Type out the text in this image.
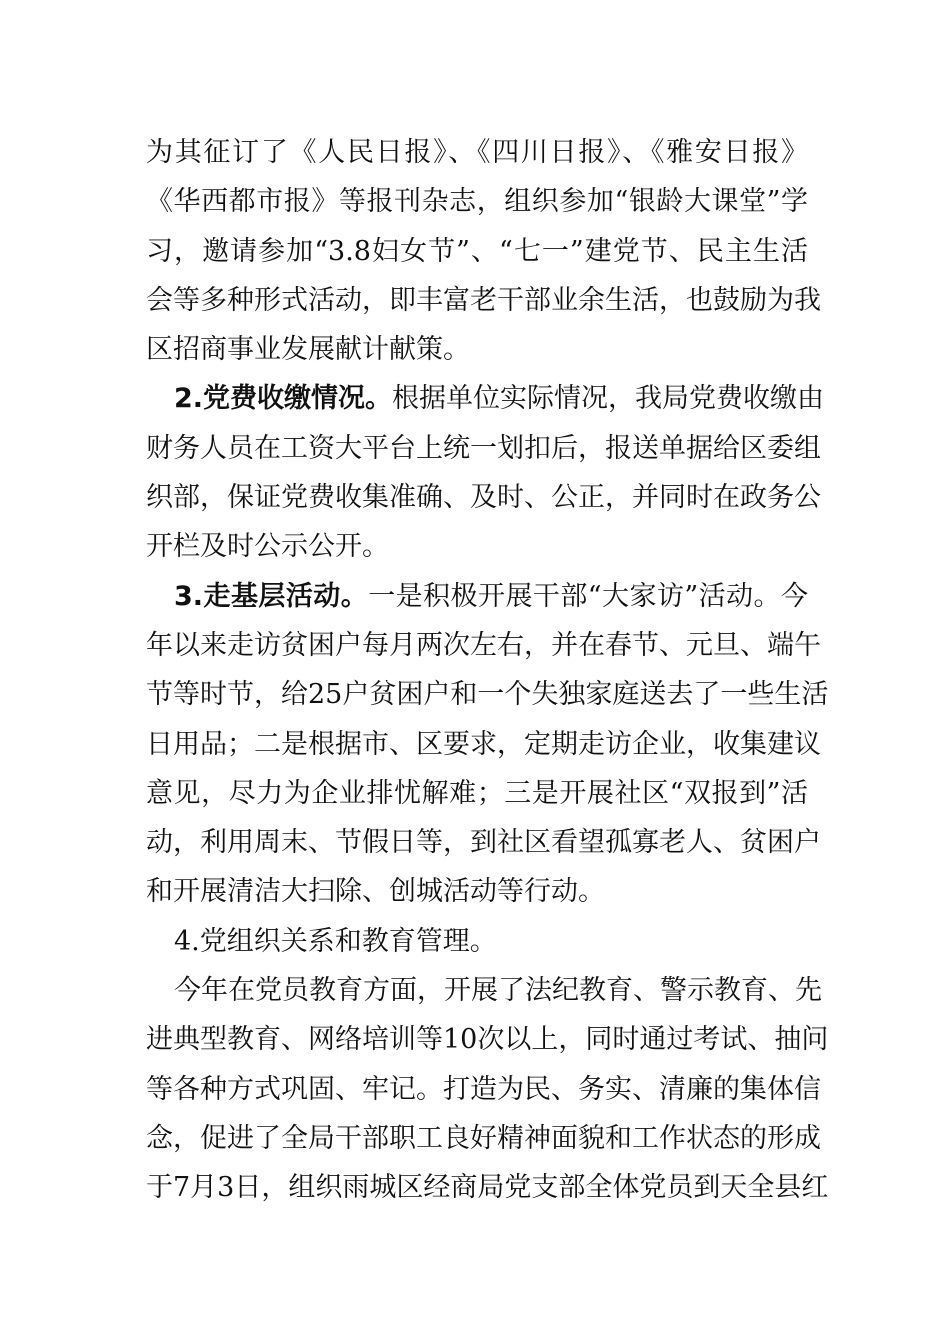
为其征订了《人民日报》、《四川日报》、《雅安日报》
《华西都市报》等报刊杂志，组织参加“银龄大课堂”学
习，邀请参加“3.8妇女节”、“七一”建党节、民主生活
会等多种形式活动，即丰富老干部业余生活，也鼓励为我
区招商事业发展献计献策。
2.党费收缴情况。根据单位实际情况，我局党费收缴由
财务人员在工资大平台上统一划扣后，报送单据给区委组
织部，保证党费收集准确、及时、公正，并同时在政务公
开栏及时公示公开。
3.走基层活动。一是积极开展干部“大家访”活动。今
年以来走访贫困户每月两次左右，并在春节、元旦、端午
节等时节，给25户贫困户和一个失独家庭送去了一些生活
日用品；二是根据市、区要求，定期走访企业，收集建议
意见，尽力为企业排忧解难；三是开展社区“双报到”活
动，利用周末、节假日等，到社区看望孤寡老人、贫困户
和开展清洁大扫除、创城活动等行动。
4.党组织关系和教育管理。
今年在党员教育方面，开展了法纪教育、警示教育、先
进典型教育、网络培训等10次以上，同时通过考试、抽问
等各种方式巩固、牢记。打造为民、务实、清廉的集体信
念，促进了全局干部职工良好精神面貌和工作状态的形成
于7月3日，组织雨城区经商局党支部全体党员到天全县红
